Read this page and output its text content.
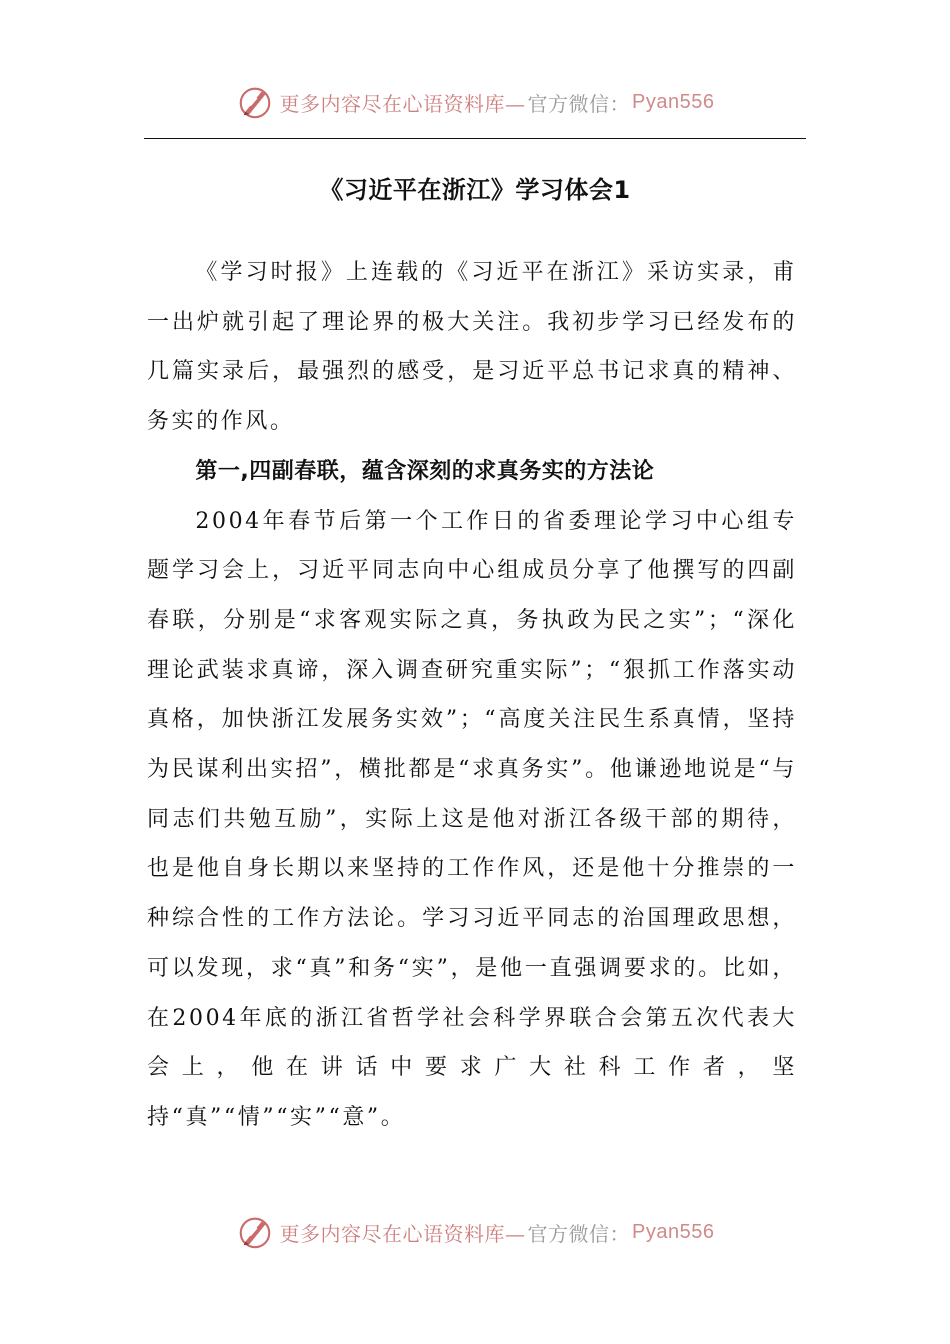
更多内容尽在心语资料库— 官方微信： Pyan556
《习近平在浙江》学习体会1

《学习时报》上连载的《习近平在浙江》采访实录，甫一出炉就引起了理论界的极大关注。我初步学习已经发布的几篇实录后，最强烈的感受，是习近平总书记求真的精神、务实的作风。

第一,四副春联，蕴含深刻的求真务实的方法论

2004年春节后第一个工作日的省委理论学习中心组专题学习会上，习近平同志向中心组成员分享了他撰写的四副春联，分别是“求客观实际之真，务执政为民之实”；“深化理论武装求真谛，深入调查研究重实际”；“狠抓工作落实动真格，加快浙江发展务实效”；“高度关注民生系真情，坚持为民谋利出实招”，横批都是“求真务实”。他谦逊地说是“与同志们共勉互励”，实际上这是他对浙江各级干部的期待，也是他自身长期以来坚持的工作作风，还是他十分推崇的一种综合性的工作方法论。学习习近平同志的治国理政思想，可以发现，求“真”和务“实”，是他一直强调要求的。比如，在2004年底的浙江省哲学社会科学界联合会第五次代表大会上，他在讲话中要求广大社科工作者，坚持“真”“情”“实”“意”。

更多内容尽在心语资料库— 官方微信： Pyan556
